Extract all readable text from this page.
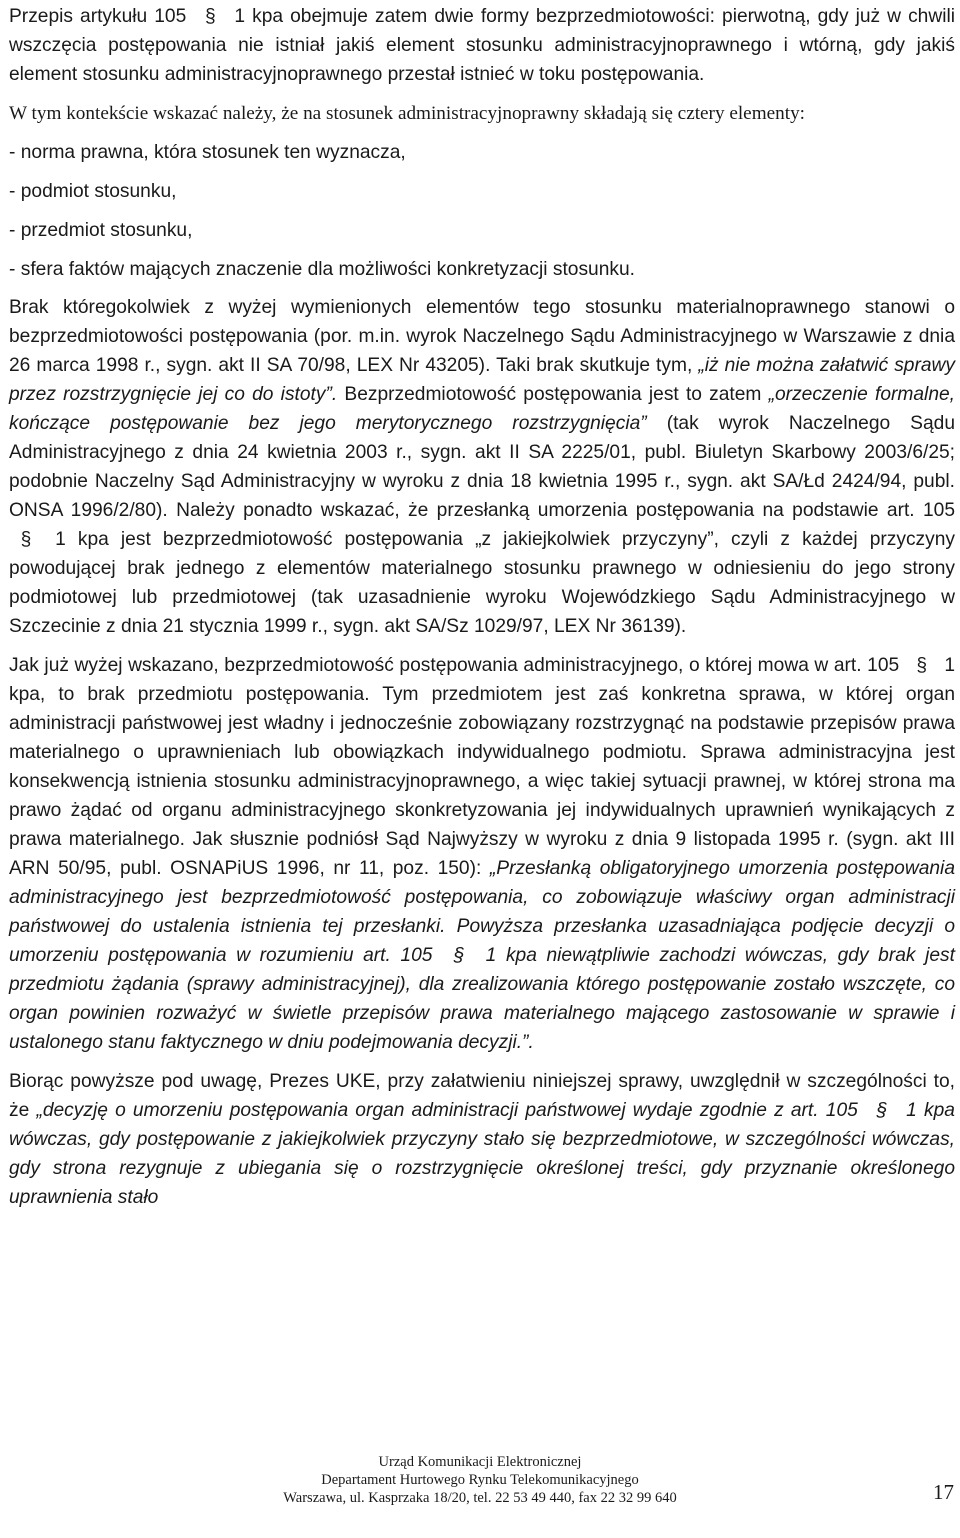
Przepis artykułu 105 § 1 kpa obejmuje zatem dwie formy bezprzedmiotowości: pierwotną, gdy już w chwili wszczęcia postępowania nie istniał jakiś element stosunku administracyjnoprawnego i wtórną, gdy jakiś element stosunku administracyjnoprawnego przestał istnieć w toku postępowania.

W tym kontekście wskazać należy, że na stosunek administracyjnoprawny składają się cztery elementy:

- norma prawna, która stosunek ten wyznacza,

- podmiot stosunku,

- przedmiot stosunku,

- sfera faktów mających znaczenie dla możliwości konkretyzacji stosunku.

Brak któregokolwiek z wyżej wymienionych elementów tego stosunku materialnoprawnego stanowi o bezprzedmiotowości postępowania (por. m.in. wyrok Naczelnego Sądu Administracyjnego w Warszawie z dnia 26 marca 1998 r., sygn. akt II SA 70/98, LEX Nr 43205). Taki brak skutkuje tym, „iż nie można załatwić sprawy przez rozstrzygnięcie jej co do istoty”. Bezprzedmiotowość postępowania jest to zatem „orzeczenie formalne, kończące postępowanie bez jego merytorycznego rozstrzygnięcia” (tak wyrok Naczelnego Sądu Administracyjnego z dnia 24 kwietnia 2003 r., sygn. akt II SA 2225/01, publ. Biuletyn Skarbowy 2003/6/25; podobnie Naczelny Sąd Administracyjny w wyroku z dnia 18 kwietnia 1995 r., sygn. akt SA/Łd 2424/94, publ. ONSA 1996/2/80). Należy ponadto wskazać, że przesłanką umorzenia postępowania na podstawie art. 105 § 1 kpa jest bezprzedmiotowość postępowania „z jakiejkolwiek przyczyny”, czyli z każdej przyczyny powodującej brak jednego z elementów materialnego stosunku prawnego w odniesieniu do jego strony podmiotowej lub przedmiotowej (tak uzasadnienie wyroku Wojewódzkiego Sądu Administracyjnego w Szczecinie z dnia 21 stycznia 1999 r., sygn. akt SA/Sz 1029/97, LEX Nr 36139).

Jak już wyżej wskazano, bezprzedmiotowość postępowania administracyjnego, o której mowa w art. 105 § 1 kpa, to brak przedmiotu postępowania. Tym przedmiotem jest zaś konkretna sprawa, w której organ administracji państwowej jest władny i jednocześnie zobowiązany rozstrzygnąć na podstawie przepisów prawa materialnego o uprawnieniach lub obowiązkach indywidualnego podmiotu. Sprawa administracyjna jest konsekwencją istnienia stosunku administracyjnoprawnego, a więc takiej sytuacji prawnej, w której strona ma prawo żądać od organu administracyjnego skonkretyzowania jej indywidualnych uprawnień wynikających z prawa materialnego. Jak słusznie podniósł Sąd Najwyższy w wyroku z dnia 9 listopada 1995 r. (sygn. akt III ARN 50/95, publ. OSNAPiUS 1996, nr 11, poz. 150): „Przesłanką obligatoryjnego umorzenia postępowania administracyjnego jest bezprzedmiotowość postępowania, co zobowiązuje właściwy organ administracji państwowej do ustalenia istnienia tej przesłanki. Powyższa przesłanka uzasadniająca podjęcie decyzji o umorzeniu postępowania w rozumieniu art. 105 § 1 kpa niewątpliwie zachodzi wówczas, gdy brak jest przedmiotu żądania (sprawy administracyjnej), dla zrealizowania którego postępowanie zostało wszczęte, co organ powinien rozważyć w świetle przepisów prawa materialnego mającego zastosowanie w sprawie i ustalonego stanu faktycznego w dniu podejmowania decyzji.”.

Biorąc powyższe pod uwagę, Prezes UKE, przy załatwieniu niniejszej sprawy, uwzględnił w szczególności to, że „decyzję o umorzeniu postępowania organ administracji państwowej wydaje zgodnie z art. 105 § 1 kpa wówczas, gdy postępowanie z jakiejkolwiek przyczyny stało się bezprzedmiotowe, w szczególności wówczas, gdy strona rezygnuje z ubiegania się o rozstrzygnięcie określonej treści, gdy przyznanie określonego uprawnienia stało

Urząd Komunikacji Elektronicznej
Departament Hurtowego Rynku Telekomunikacyjnego
Warszawa, ul. Kasprzaka 18/20, tel. 22 53 49 440, fax 22 32 99 640	17
